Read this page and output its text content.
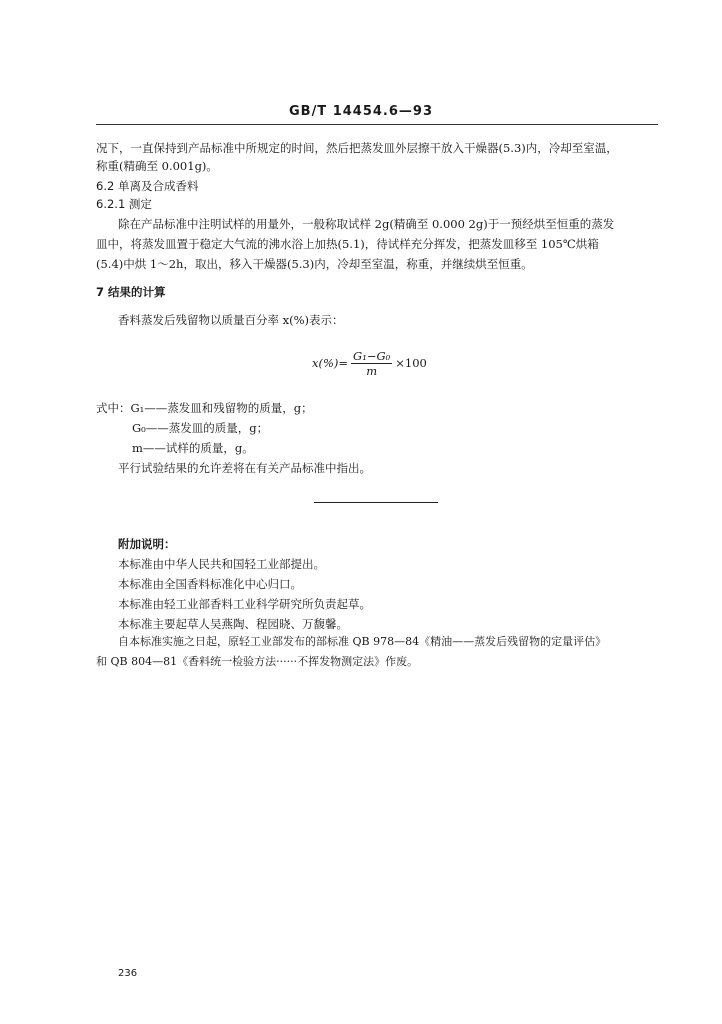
GB/T 14454.6—93
况下，一直保持到产品标准中所规定的时间，然后把蒸发皿外层擦干放入干燥器(5.3)内，冷却至室温，
称重(精确至 0.001g)。
6.2 单离及合成香料
6.2.1 测定
除在产品标准中注明试样的用量外，一般称取试样 2g(精确至 0.000 2g)于一预经烘至恒重的蒸发
皿中，将蒸发皿置于稳定大气流的沸水浴上加热(5.1)，待试样充分挥发，把蒸发皿移至 105℃烘箱
(5.4)中烘 1～2h，取出，移入干燥器(5.3)内，冷却至室温，称重，并继续烘至恒重。
7 结果的计算
香料蒸发后残留物以质量百分率 x(%)表示：
$x(\%)= \frac{\text{G₁−G₀}}{m} \times 100$
式中：G₁——蒸发皿和残留物的质量，g；
G₀——蒸发皿的质量，g；
m——试样的质量，g。
平行试验结果的允许差将在有关产品标准中指出。
附加说明：
本标准由中华人民共和国轻工业部提出。
本标准由全国香料标准化中心归口。
本标准由轻工业部香料工业科学研究所负责起草。
本标准主要起草人吴燕陶、程园晓、万馥馨。
自本标准实施之日起，原轻工业部发布的部标准 QB 978—84《精油——蒸发后残留物的定量评估》
和 QB 804—81《香料统一检验方法······不挥发物测定法》作废。
236
